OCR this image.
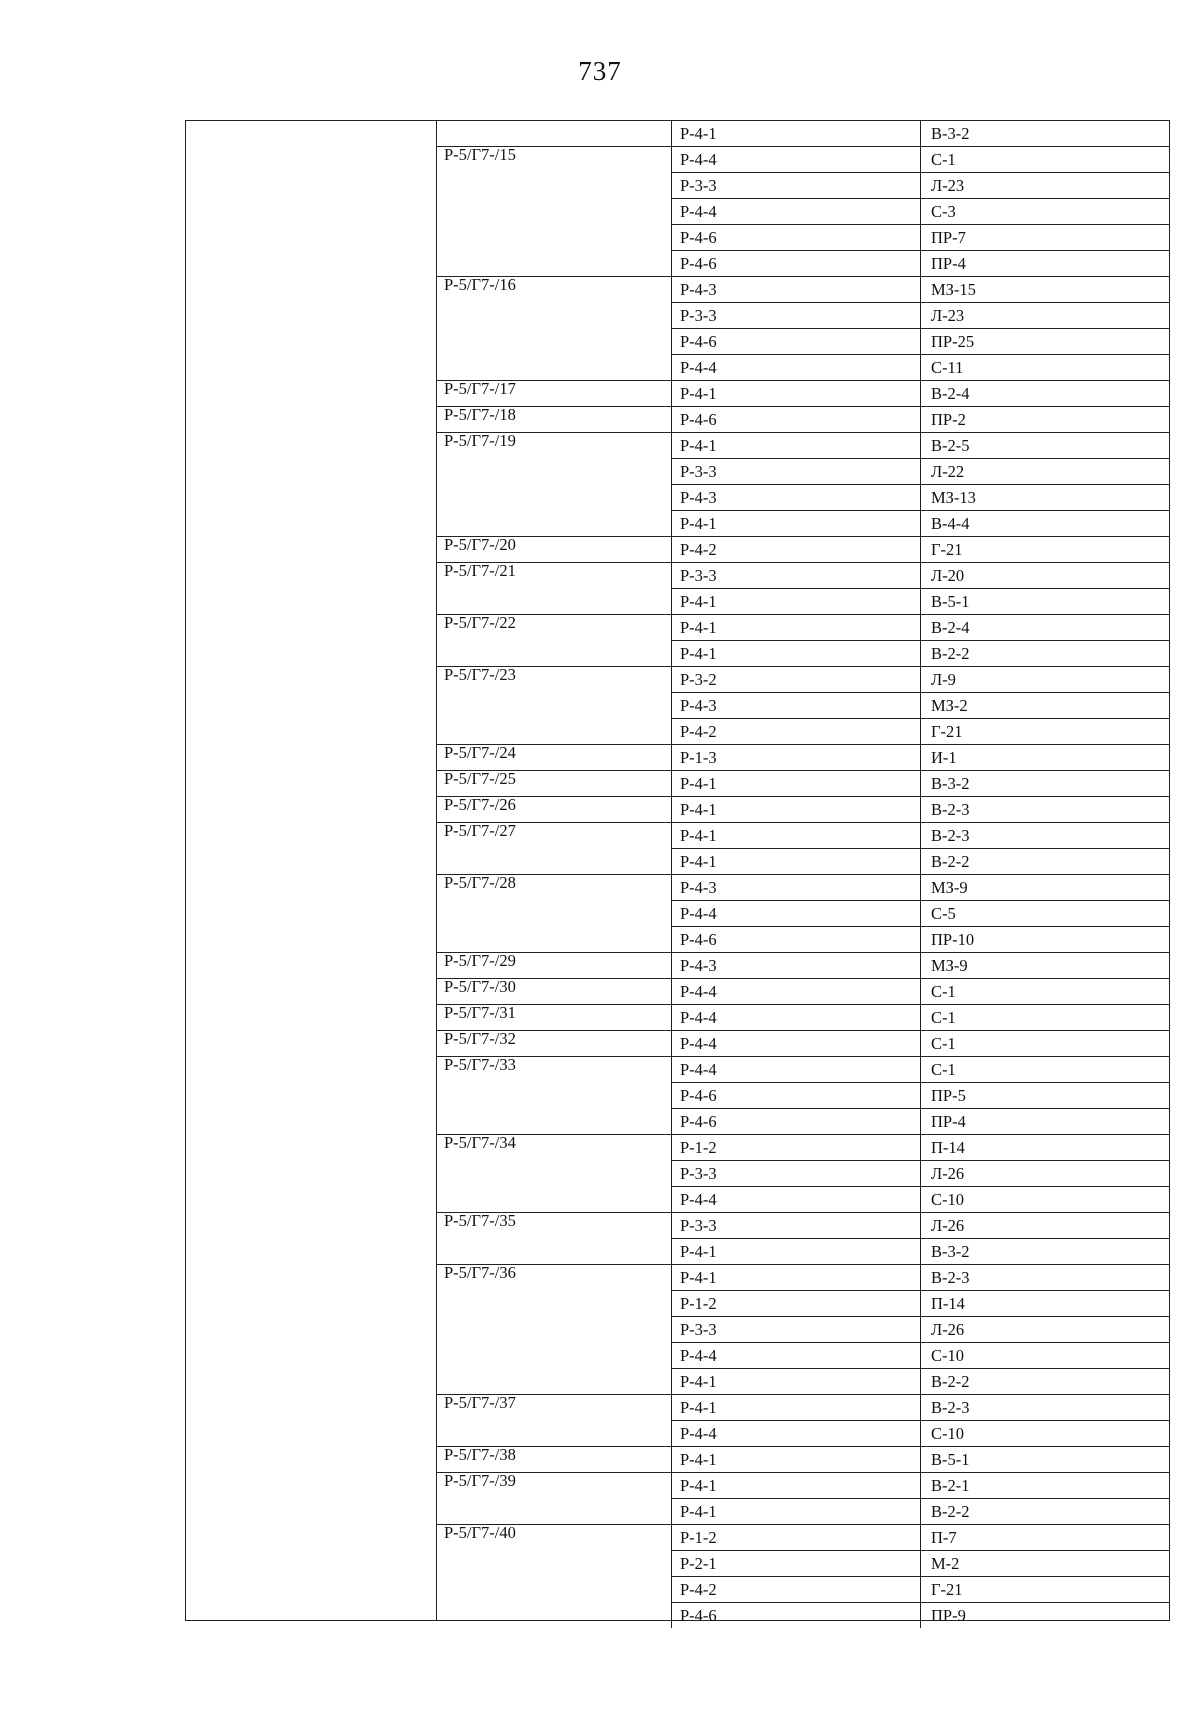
737
Р-4-1	В-3-2
Р-5/Г7-/15	Р-4-4	С-1
Р-3-3	Л-23
Р-4-4	С-3
Р-4-6	ПР-7
Р-4-6	ПР-4
Р-5/Г7-/16	Р-4-3	МЗ-15
Р-3-3	Л-23
Р-4-6	ПР-25
Р-4-4	С-11
Р-5/Г7-/17	Р-4-1	В-2-4
Р-5/Г7-/18	Р-4-6	ПР-2
Р-5/Г7-/19	Р-4-1	В-2-5
Р-3-3	Л-22
Р-4-3	МЗ-13
Р-4-1	В-4-4
Р-5/Г7-/20	Р-4-2	Г-21
Р-5/Г7-/21	Р-3-3	Л-20
Р-4-1	В-5-1
Р-5/Г7-/22	Р-4-1	В-2-4
Р-4-1	В-2-2
Р-5/Г7-/23	Р-3-2	Л-9
Р-4-3	МЗ-2
Р-4-2	Г-21
Р-5/Г7-/24	Р-1-3	И-1
Р-5/Г7-/25	Р-4-1	В-3-2
Р-5/Г7-/26	Р-4-1	В-2-3
Р-5/Г7-/27	Р-4-1	В-2-3
Р-4-1	В-2-2
Р-5/Г7-/28	Р-4-3	МЗ-9
Р-4-4	С-5
Р-4-6	ПР-10
Р-5/Г7-/29	Р-4-3	МЗ-9
Р-5/Г7-/30	Р-4-4	С-1
Р-5/Г7-/31	Р-4-4	С-1
Р-5/Г7-/32	Р-4-4	С-1
Р-5/Г7-/33	Р-4-4	С-1
Р-4-6	ПР-5
Р-4-6	ПР-4
Р-5/Г7-/34	Р-1-2	П-14
Р-3-3	Л-26
Р-4-4	С-10
Р-5/Г7-/35	Р-3-3	Л-26
Р-4-1	В-3-2
Р-5/Г7-/36	Р-4-1	В-2-3
Р-1-2	П-14
Р-3-3	Л-26
Р-4-4	С-10
Р-4-1	В-2-2
Р-5/Г7-/37	Р-4-1	В-2-3
Р-4-4	С-10
Р-5/Г7-/38	Р-4-1	В-5-1
Р-5/Г7-/39	Р-4-1	В-2-1
Р-4-1	В-2-2
Р-5/Г7-/40	Р-1-2	П-7
Р-2-1	М-2
Р-4-2	Г-21
Р-4-6	ПР-9
